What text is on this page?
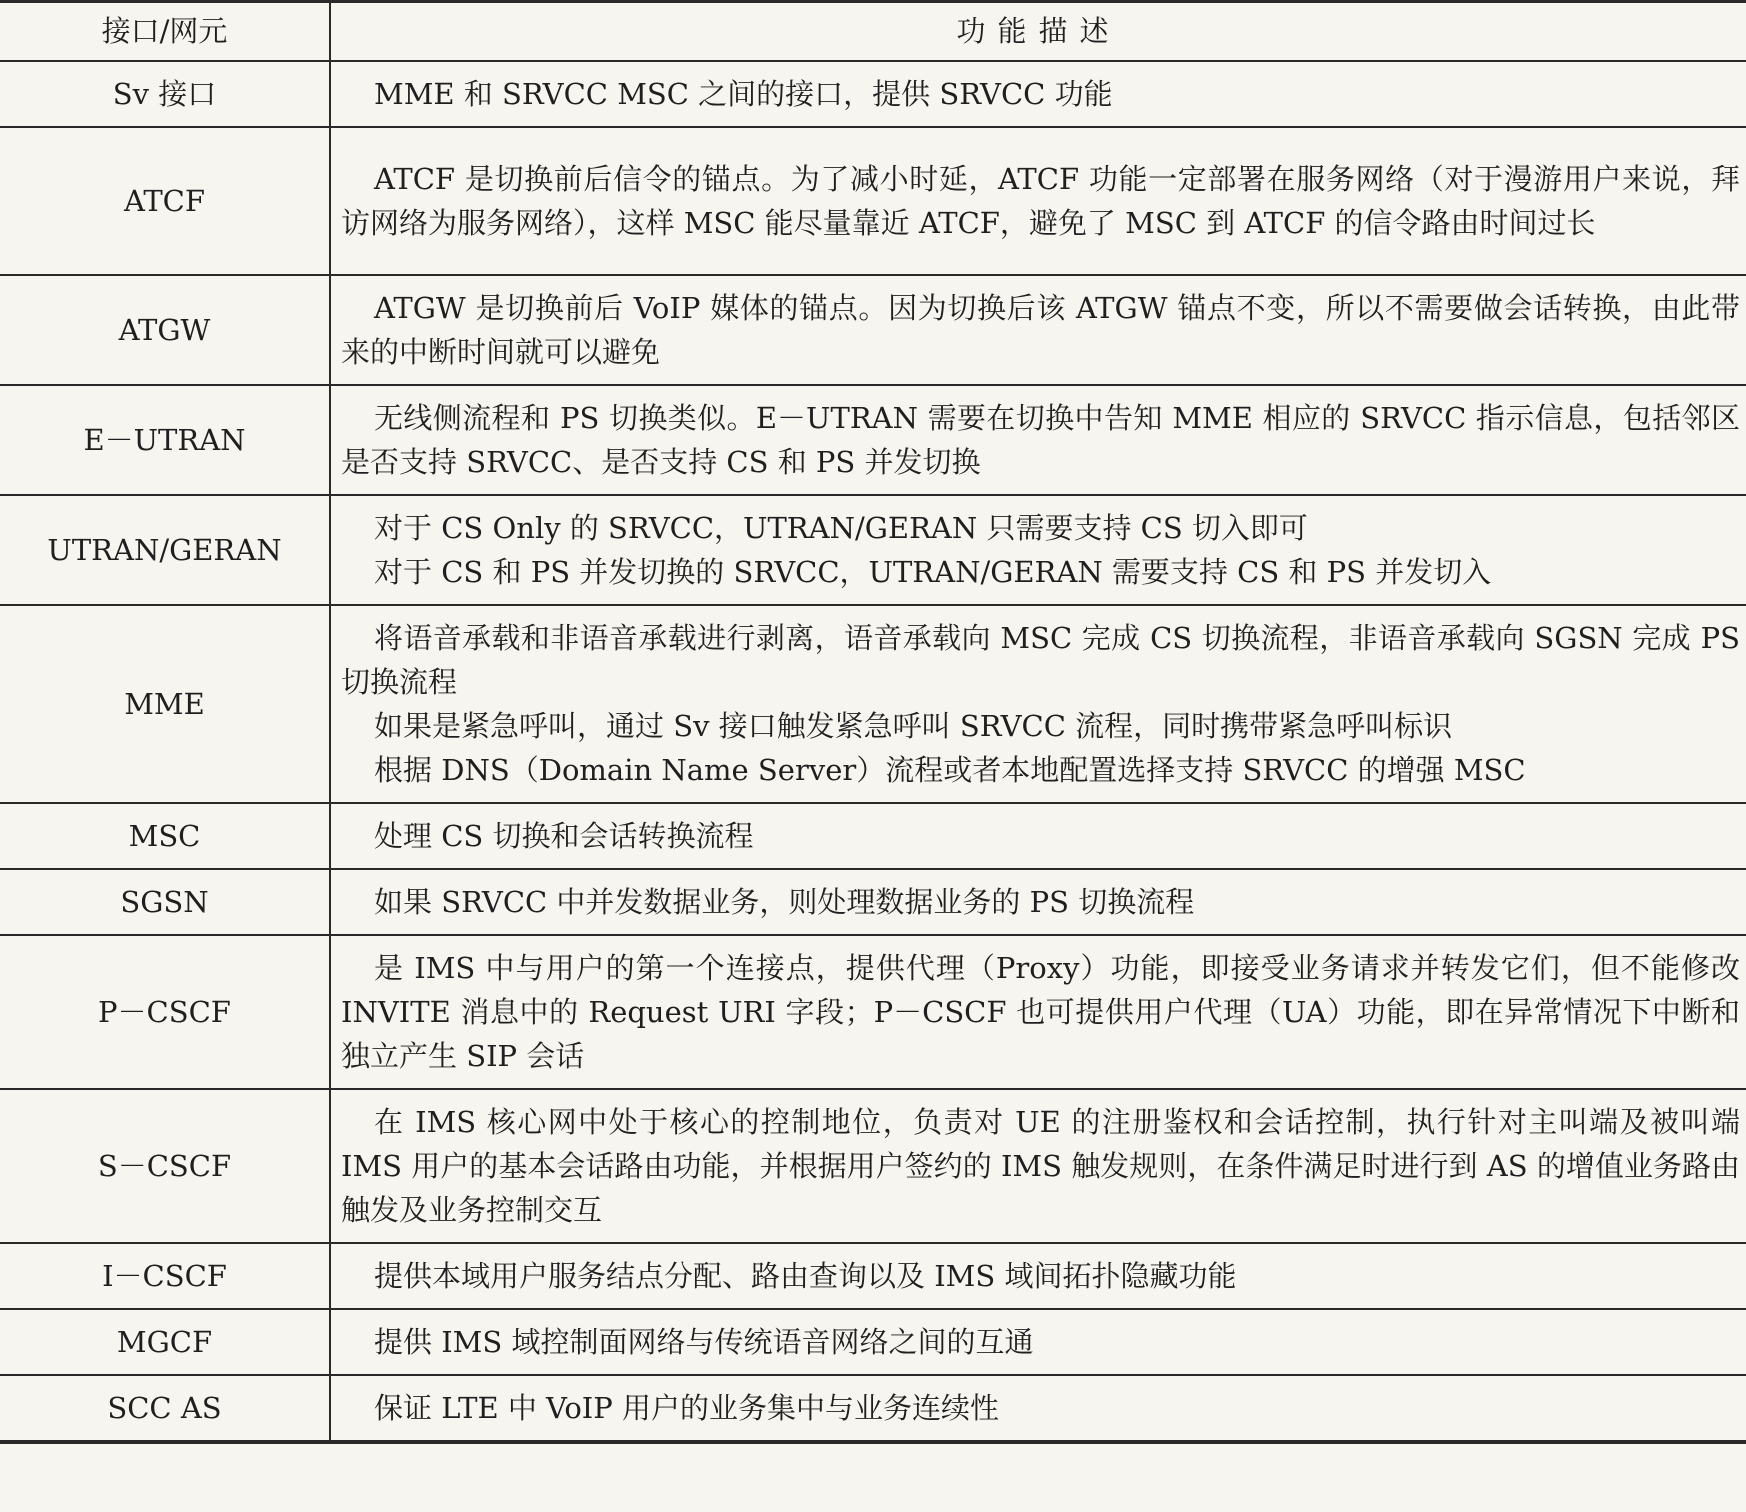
接口/网元	功能描述
Sv 接口	MME 和 SRVCC MSC 之间的接口，提供 SRVCC 功能

ATCF	ATCF 是切换前后信令的锚点。为了减小时延，ATCF 功能一定部署在服务网络（对于漫游用户来说，拜访网络为服务网络），这样 MSC 能尽量靠近 ATCF，避免了 MSC 到 ATCF 的信令路由时间过长

ATGW	ATGW 是切换前后 VoIP 媒体的锚点。因为切换后该 ATGW 锚点不变，所以不需要做会话转换，由此带来的中断时间就可以避免

E－UTRAN	无线侧流程和 PS 切换类似。E－UTRAN 需要在切换中告知 MME 相应的 SRVCC 指示信息，包括邻区是否支持 SRVCC、是否支持 CS 和 PS 并发切换

UTRAN/GERAN	对于 CS Only 的 SRVCC，UTRAN/GERAN 只需要支持 CS 切入即可

对于 CS 和 PS 并发切换的 SRVCC，UTRAN/GERAN 需要支持 CS 和 PS 并发切入

MME	将语音承载和非语音承载进行剥离，语音承载向 MSC 完成 CS 切换流程，非语音承载向 SGSN 完成 PS 切换流程

如果是紧急呼叫，通过 Sv 接口触发紧急呼叫 SRVCC 流程，同时携带紧急呼叫标识

根据 DNS（Domain Name Server）流程或者本地配置选择支持 SRVCC 的增强 MSC

MSC	处理 CS 切换和会话转换流程

SGSN	如果 SRVCC 中并发数据业务，则处理数据业务的 PS 切换流程

P－CSCF	是 IMS 中与用户的第一个连接点，提供代理（Proxy）功能，即接受业务请求并转发它们，但不能修改 INVITE 消息中的 Request URI 字段；P－CSCF 也可提供用户代理（UA）功能，即在异常情况下中断和独立产生 SIP 会话

S－CSCF	在 IMS 核心网中处于核心的控制地位，负责对 UE 的注册鉴权和会话控制，执行针对主叫端及被叫端 IMS 用户的基本会话路由功能，并根据用户签约的 IMS 触发规则，在条件满足时进行到 AS 的增值业务路由触发及业务控制交互

I－CSCF	提供本域用户服务结点分配、路由查询以及 IMS 域间拓扑隐藏功能

MGCF	提供 IMS 域控制面网络与传统语音网络之间的互通

SCC AS	保证 LTE 中 VoIP 用户的业务集中与业务连续性
